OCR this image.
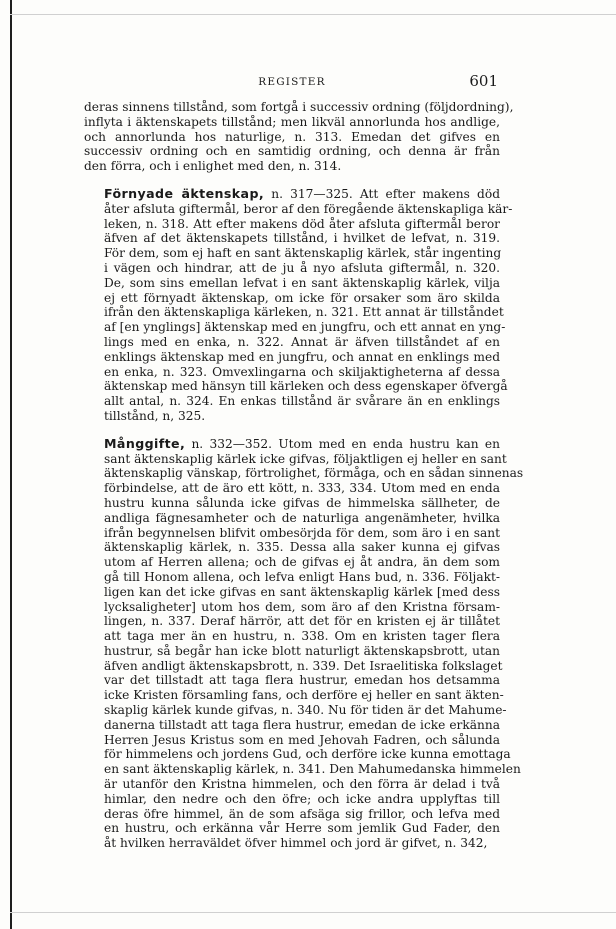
REGISTER	601

deras sinnens tillstånd, som fortgå i successiv ordning (följdordning),
inflyta i äktenskapets tillstånd; men likväl annorlunda hos andlige,
och annorlunda hos naturlige, n. 313. Emedan det gifves en
successiv ordning och en samtidig ordning, och denna är från
den förra, och i enlighet med den, n. 314.

Förnyade äktenskap, n. 317—325. Att efter makens död
åter afsluta giftermål, beror af den föregående äktenskapliga kär-
leken, n. 318. Att efter makens död åter afsluta giftermål beror
äfven af det äktenskapets tillstånd, i hvilket de lefvat, n. 319.
För dem, som ej haft en sant äktenskaplig kärlek, står ingenting
i vägen och hindrar, att de ju å nyo afsluta giftermål, n. 320.
De, som sins emellan lefvat i en sant äktenskaplig kärlek, vilja
ej ett förnyadt äktenskap, om icke för orsaker som äro skilda
ifrån den äktenskapliga kärleken, n. 321. Ett annat är tillståndet
af [en ynglings] äktenskap med en jungfru, och ett annat en yng-
lings med en enka, n. 322. Annat är äfven tillståndet af en
enklings äktenskap med en jungfru, och annat en enklings med
en enka, n. 323. Omvexlingarna och skiljaktigheterna af dessa
äktenskap med hänsyn till kärleken och dess egenskaper öfvergå
allt antal, n. 324. En enkas tillstånd är svårare än en enklings
tillstånd, n, 325.

Månggifte, n. 332—352. Utom med en enda hustru kan en
sant äktenskaplig kärlek icke gifvas, följaktligen ej heller en sant
äktenskaplig vänskap, förtrolighet, förmåga, och en sådan sinnenas
förbindelse, att de äro ett kött, n. 333, 334. Utom med en enda
hustru kunna sålunda icke gifvas de himmelska sällheter, de
andliga fägnesamheter och de naturliga angenämheter, hvilka
ifrån begynnelsen blifvit ombesörjda för dem, som äro i en sant
äktenskaplig kärlek, n. 335. Dessa alla saker kunna ej gifvas
utom af Herren allena; och de gifvas ej åt andra, än dem som
gå till Honom allena, och lefva enligt Hans bud, n. 336. Följakt-
ligen kan det icke gifvas en sant äktenskaplig kärlek [med dess
lycksaligheter] utom hos dem, som äro af den Kristna försam-
lingen, n. 337. Deraf härrör, att det för en kristen ej är tillåtet
att taga mer än en hustru, n. 338. Om en kristen tager flera
hustrur, så begår han icke blott naturligt äktenskapsbrott, utan
äfven andligt äktenskapsbrott, n. 339. Det Israelitiska folkslaget
var det tillstadt att taga flera hustrur, emedan hos detsamma
icke Kristen församling fans, och derföre ej heller en sant äkten-
skaplig kärlek kunde gifvas, n. 340. Nu för tiden är det Mahume-
danerna tillstadt att taga flera hustrur, emedan de icke erkänna
Herren Jesus Kristus som en med Jehovah Fadren, och sålunda
för himmelens och jordens Gud, och derföre icke kunna emottaga
en sant äktenskaplig kärlek, n. 341. Den Mahumedanska himmelen
är utanför den Kristna himmelen, och den förra är delad i två
himlar, den nedre och den öfre; och icke andra upplyftas till
deras öfre himmel, än de som afsäga sig frillor, och lefva med
en hustru, och erkänna vår Herre som jemlik Gud Fader, den
åt hvilken herraväldet öfver himmel och jord är gifvet, n. 342,
